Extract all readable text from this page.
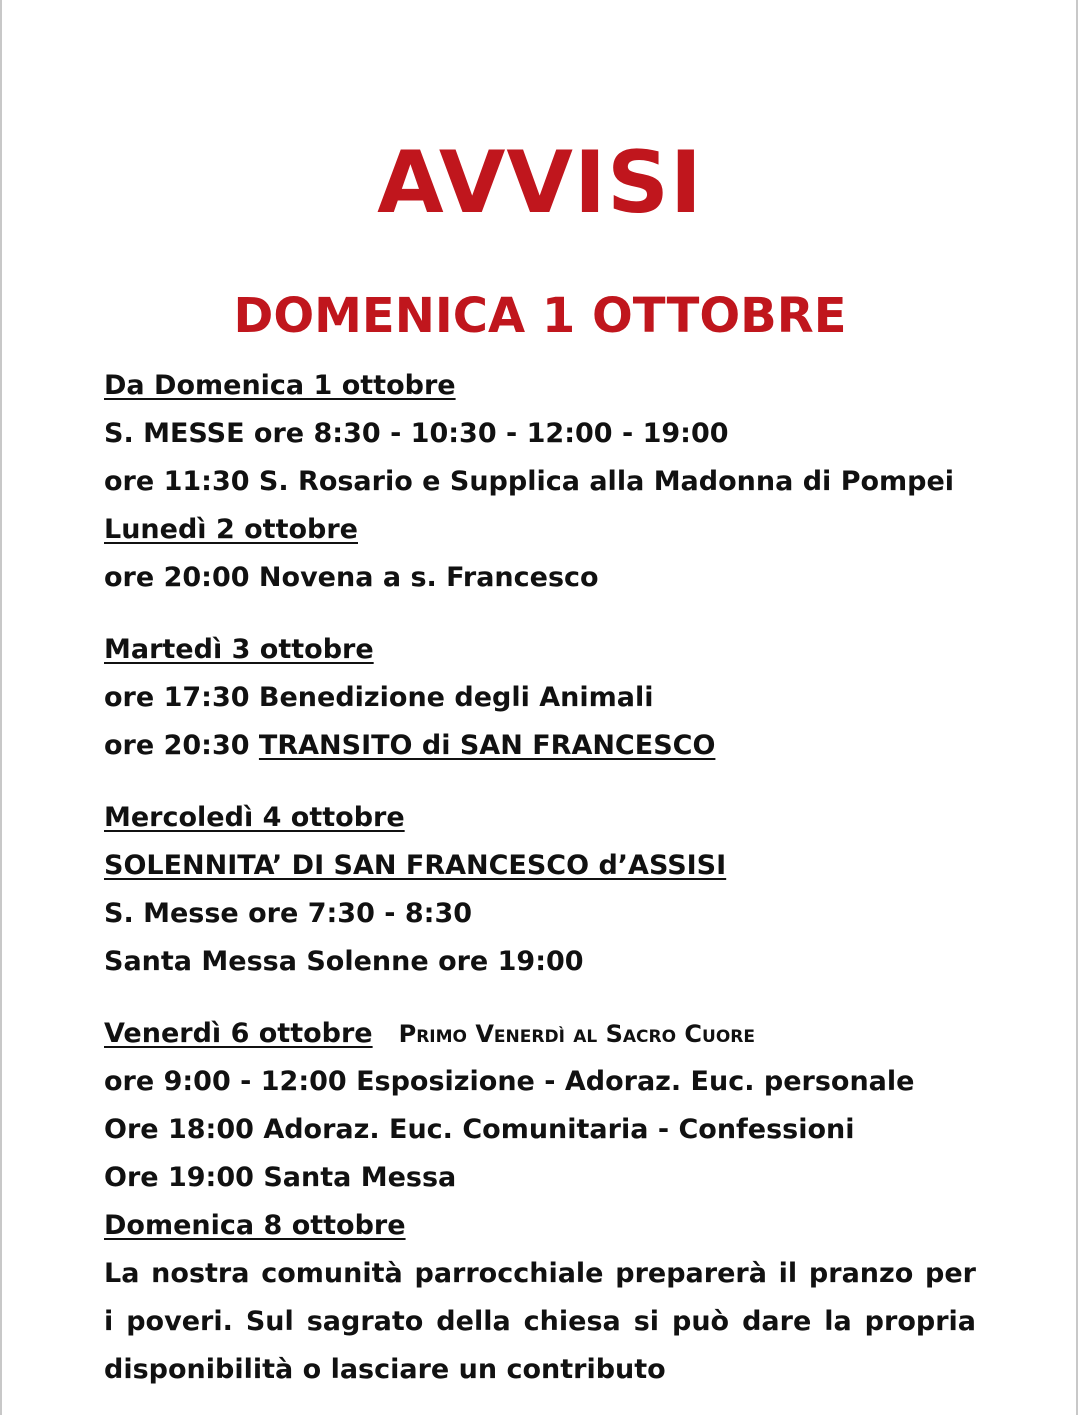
AVVISI
DOMENICA 1 OTTOBRE
Da Domenica 1 ottobre
S. MESSE ore 8:30 - 10:30 - 12:00 - 19:00
ore 11:30 S. Rosario e Supplica alla Madonna di Pompei
Lunedì 2 ottobre
ore 20:00 Novena a s. Francesco
Martedì 3 ottobre
ore 17:30 Benedizione degli Animali
ore 20:30 TRANSITO di SAN FRANCESCO
Mercoledì 4 ottobre
SOLENNITA’ DI SAN FRANCESCO d’ASSISI
S. Messe ore 7:30 - 8:30
Santa Messa Solenne ore 19:00
Venerdì 6 ottobre Primo Venerdì al Sacro Cuore
ore 9:00 - 12:00 Esposizione - Adoraz. Euc. personale
Ore 18:00 Adoraz. Euc. Comunitaria - Confessioni
Ore 19:00 Santa Messa
Domenica 8 ottobre
La nostra comunità parrocchiale preparerà il pranzo per i poveri. Sul sagrato della chiesa si può dare la propria disponibilità o lasciare un contributo
